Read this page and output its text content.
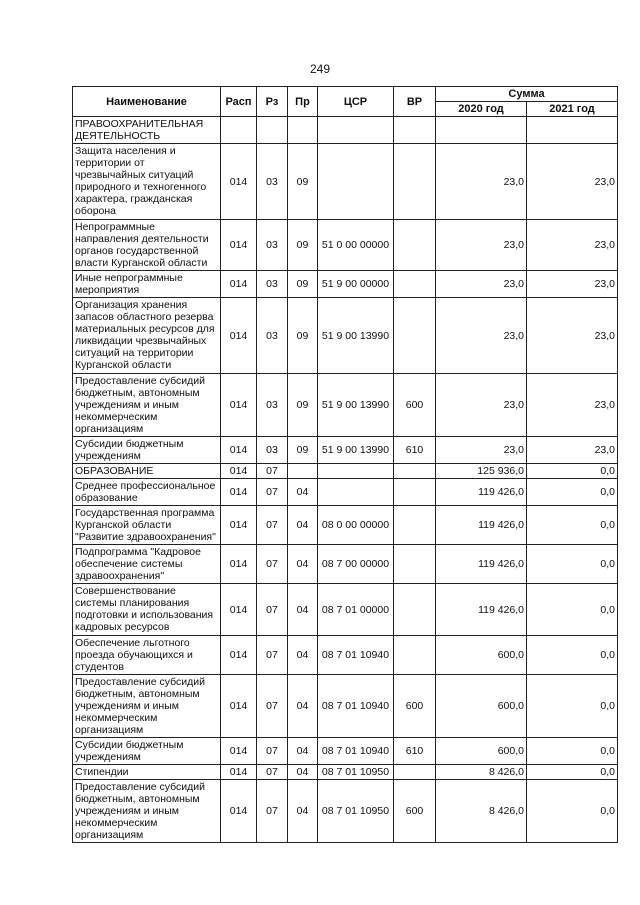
249
Наименование	Расп	Рз	Пр	ЦСР	ВР	Сумма	
						2020 год	2021 год
ПРАВООХРАНИТЕЛЬНАЯ ДЕЯТЕЛЬНОСТЬ							
Защита населения и территории от чрезвычайных ситуаций природного и техногенного характера, гражданская оборона	014	03	09			23,0	23,0
Непрограммные направления деятельности органов государственной власти Курганской области	014	03	09	51 0 00 00000		23,0	23,0
Иные непрограммные мероприятия	014	03	09	51 9 00 00000		23,0	23,0
Организация хранения запасов областного резерва материальных ресурсов для ликвидации чрезвычайных ситуаций на территории Курганской области	014	03	09	51 9 00 13990		23,0	23,0
Предоставление субсидий бюджетным, автономным учреждениям и иным некоммерческим организациям	014	03	09	51 9 00 13990	600	23,0	23,0
Субсидии бюджетным учреждениям	014	03	09	51 9 00 13990	610	23,0	23,0
ОБРАЗОВАНИЕ	014	07				125 936,0	0,0
Среднее профессиональное образование	014	07	04			119 426,0	0,0
Государственная программа Курганской области "Развитие здравоохранения"	014	07	04	08 0 00 00000		119 426,0	0,0
Подпрограмма "Кадровое обеспечение системы здравоохранения"	014	07	04	08 7 00 00000		119 426,0	0,0
Совершенствование системы планирования подготовки и использования кадровых ресурсов	014	07	04	08 7 01 00000		119 426,0	0,0
Обеспечение льготного проезда обучающихся и студентов	014	07	04	08 7 01 10940		600,0	0,0
Предоставление субсидий бюджетным, автономным учреждениям и иным некоммерческим организациям	014	07	04	08 7 01 10940	600	600,0	0,0
Субсидии бюджетным учреждениям	014	07	04	08 7 01 10940	610	600,0	0,0
Стипендии	014	07	04	08 7 01 10950		8 426,0	0,0
Предоставление субсидий бюджетным, автономным учреждениям и иным некоммерческим организациям	014	07	04	08 7 01 10950	600	8 426,0	0,0
